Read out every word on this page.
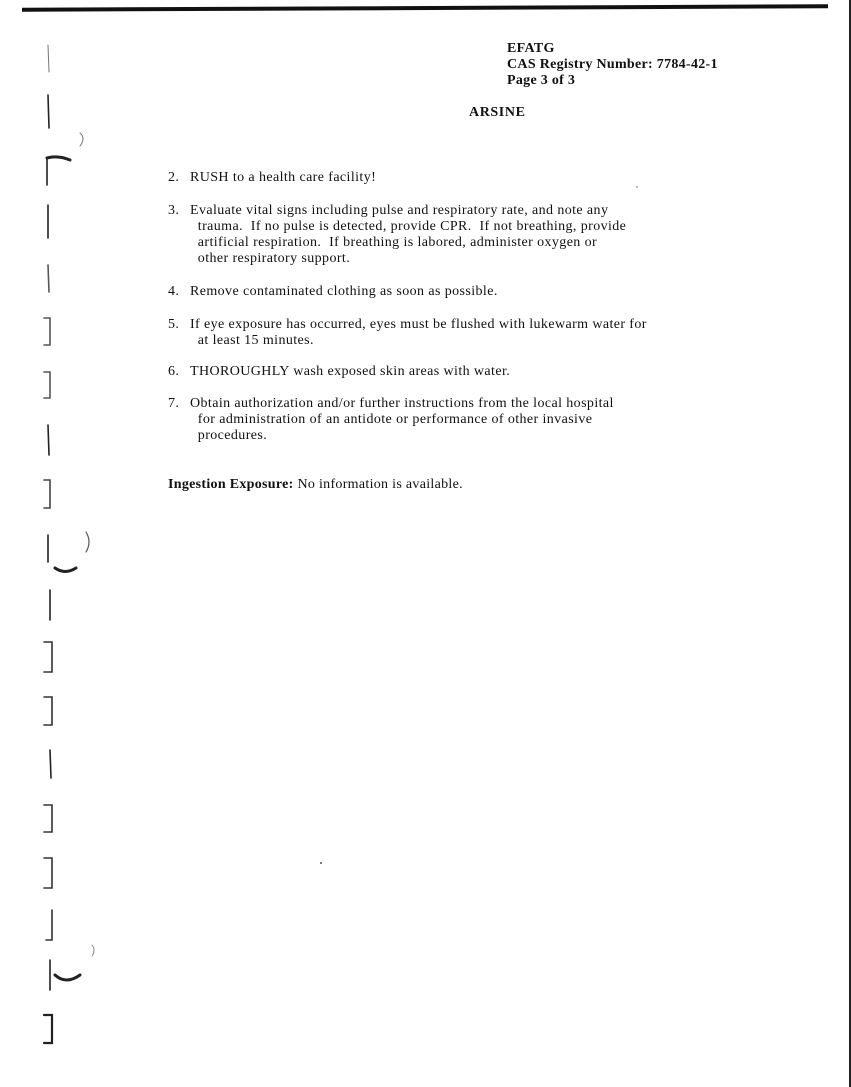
EFATG
CAS Registry Number: 7784-42-1
Page 3 of 3
ARSINE
2. RUSH to a health care facility!
3. Evaluate vital signs including pulse and respiratory rate, and note any
trauma.  If no pulse is detected, provide CPR.  If not breathing, provide
artificial respiration.  If breathing is labored, administer oxygen or
other respiratory support.
4. Remove contaminated clothing as soon as possible.
5. If eye exposure has occurred, eyes must be flushed with lukewarm water for
at least 15 minutes.
6. THOROUGHLY wash exposed skin areas with water.
7. Obtain authorization and/or further instructions from the local hospital
for administration of an antidote or performance of other invasive
procedures.
Ingestion Exposure: No information is available.
